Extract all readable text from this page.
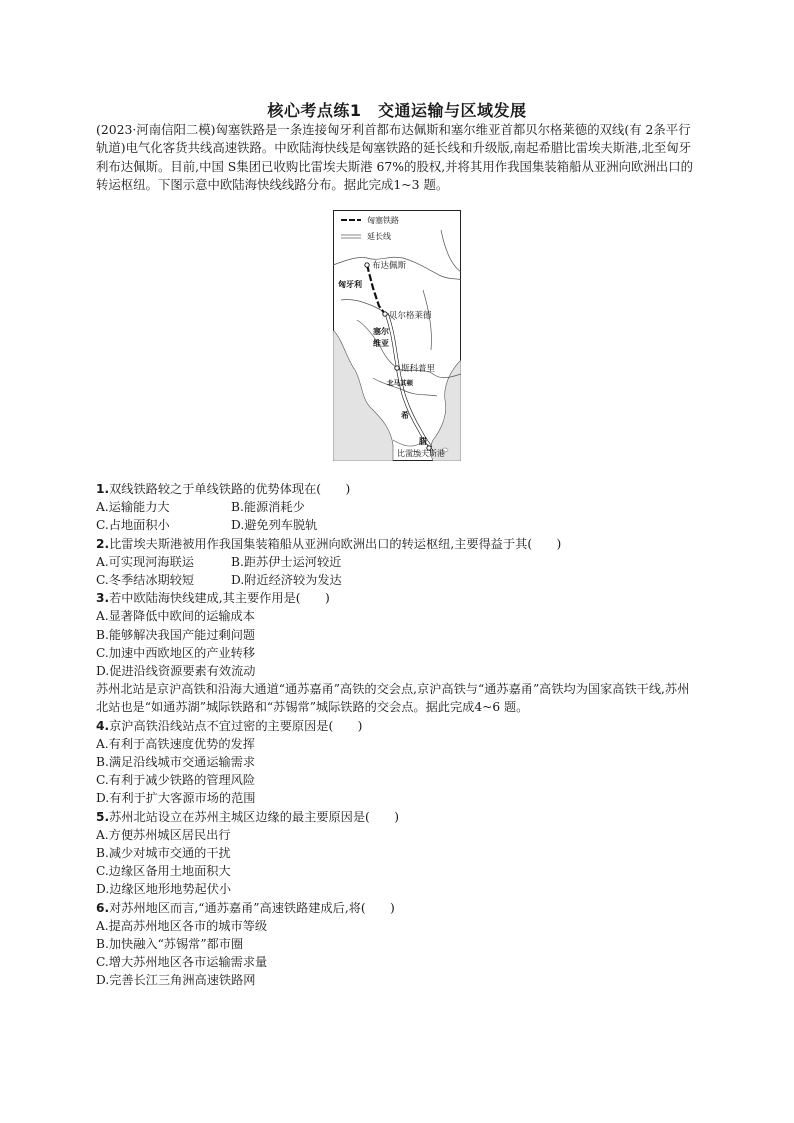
核心考点练1　交通运输与区域发展
(2023·河南信阳二模)匈塞铁路是一条连接匈牙利首都布达佩斯和塞尔维亚首都贝尔格莱德的双线(有 2条平行轨道)电气化客货共线高速铁路。中欧陆海快线是匈塞铁路的延长线和升级版,南起希腊比雷埃夫斯港,北至匈牙利布达佩斯。目前,中国 S集团已收购比雷埃夫斯港 67%的股权,并将其用作我国集装箱船从亚洲向欧洲出口的转运枢纽。下图示意中欧陆海快线线路分布。据此完成1~3 题。
匈塞铁路
延长线
布达佩斯
匈牙利
贝尔格莱德
塞尔
维亚
斯科普里
北马其顿
希
腊
比雷埃夫斯港
1.双线铁路较之于单线铁路的优势体现在(　　)
A.运输能力大	B.能源消耗少
C.占地面积小	D.避免列车脱轨
2.比雷埃夫斯港被用作我国集装箱船从亚洲向欧洲出口的转运枢纽,主要得益于其(　　)
A.可实现河海联运	B.距苏伊士运河较近
C.冬季结冰期较短	D.附近经济较为发达
3.若中欧陆海快线建成,其主要作用是(　　)
A.显著降低中欧间的运输成本
B.能够解决我国产能过剩问题
C.加速中西欧地区的产业转移
D.促进沿线资源要素有效流动
苏州北站是京沪高铁和沿海大通道“通苏嘉甬”高铁的交会点,京沪高铁与“通苏嘉甬”高铁均为国家高铁干线,苏州北站也是“如通苏湖”城际铁路和“苏锡常”城际铁路的交会点。据此完成4~6 题。
4.京沪高铁沿线站点不宜过密的主要原因是(　　)
A.有利于高铁速度优势的发挥
B.满足沿线城市交通运输需求
C.有利于减少铁路的管理风险
D.有利于扩大客源市场的范围
5.苏州北站设立在苏州主城区边缘的最主要原因是(　　)
A.方便苏州城区居民出行
B.减少对城市交通的干扰
C.边缘区备用土地面积大
D.边缘区地形地势起伏小
6.对苏州地区而言,“通苏嘉甬”高速铁路建成后,将(　　)
A.提高苏州地区各市的城市等级
B.加快融入“苏锡常”都市圈
C.增大苏州地区各市运输需求量
D.完善长江三角洲高速铁路网
